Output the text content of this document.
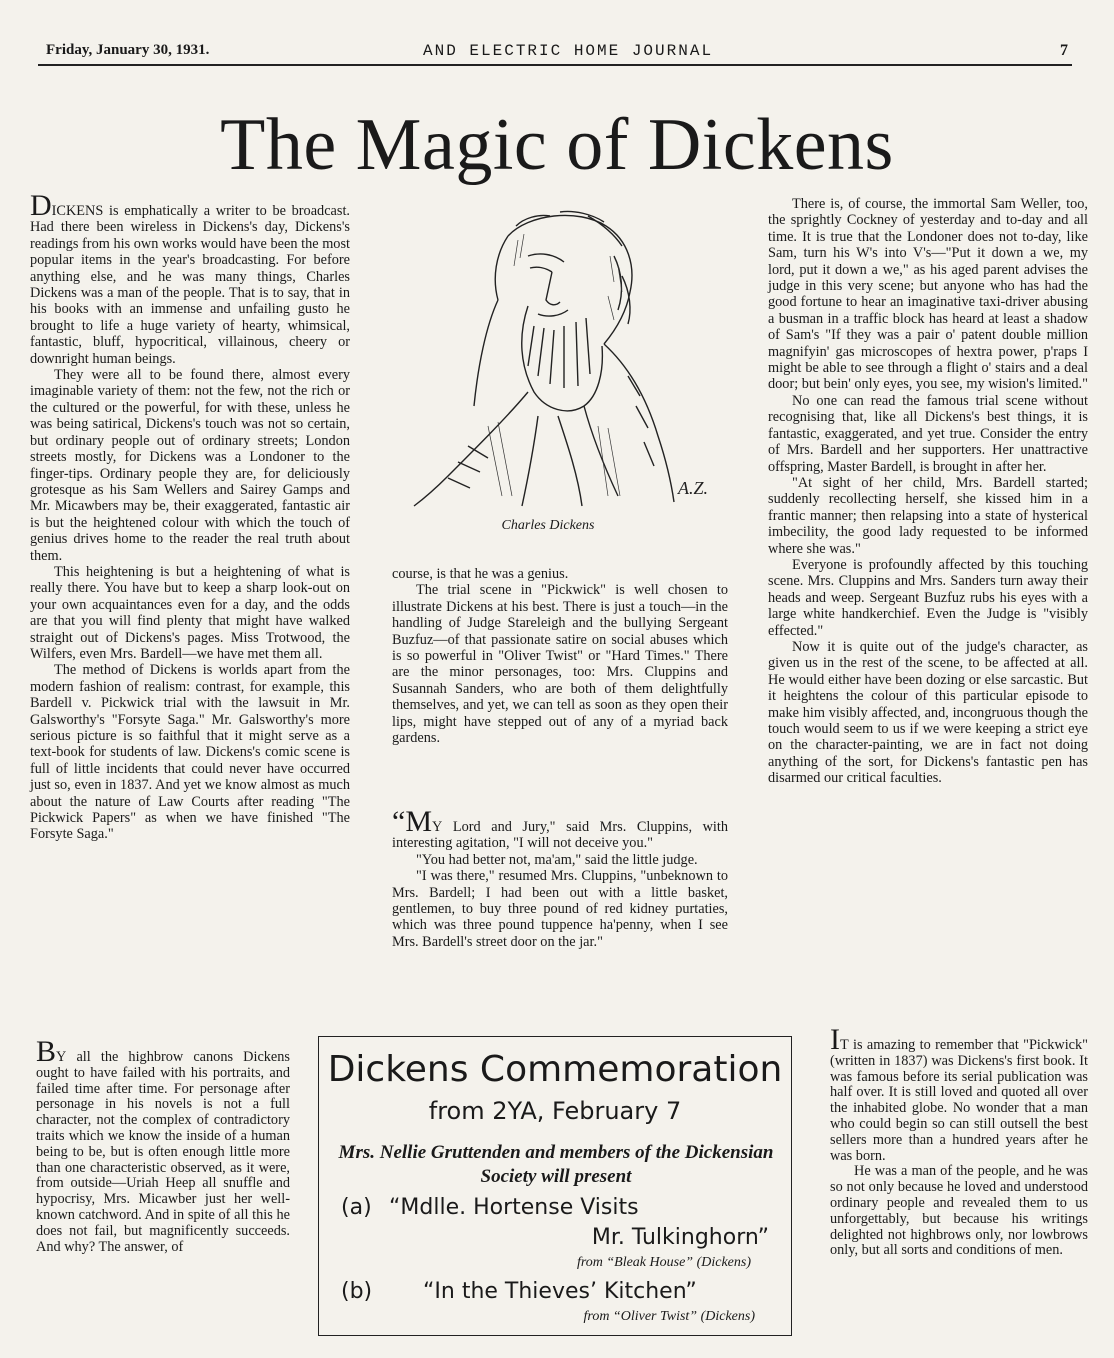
Friday, January 30, 1931.	AND ELECTRIC HOME JOURNAL	7
The Magic of Dickens

DICKENS is emphatically a writer to be broadcast. Had there been wireless in Dickens's day, Dickens's readings from his own works would have been the most popular items in the year's broadcasting. For before anything else, and he was many things, Charles Dickens was a man of the people. That is to say, that in his books with an immense and unfailing gusto he brought to life a huge variety of hearty, whimsical, fantastic, bluff, hypocritical, villainous, cheery or downright human beings.

They were all to be found there, almost every imaginable variety of them: not the few, not the rich or the cultured or the powerful, for with these, unless he was being satirical, Dickens's touch was not so certain, but ordinary people out of ordinary streets; London streets mostly, for Dickens was a Londoner to the finger-tips. Ordinary people they are, for deliciously grotesque as his Sam Wellers and Sairey Gamps and Mr. Micawbers may be, their exaggerated, fantastic air is but the heightened colour with which the touch of genius drives home to the reader the real truth about them.

This heightening is but a heightening of what is really there. You have but to keep a sharp look-out on your own acquaintances even for a day, and the odds are that you will find plenty that might have walked straight out of Dickens's pages. Miss Trotwood, the Wilfers, even Mrs. Bardell—we have met them all.

The method of Dickens is worlds apart from the modern fashion of realism: contrast, for example, this Bardell v. Pickwick trial with the lawsuit in Mr. Galsworthy's "Forsyte Saga." Mr. Galsworthy's more serious picture is so faithful that it might serve as a text-book for students of law. Dickens's comic scene is full of little incidents that could never have occurred just so, even in 1837. And yet we know almost as much about the nature of Law Courts after reading "The Pickwick Papers" as when we have finished "The Forsyte Saga."

A.Z.
Charles Dickens

course, is that he was a genius.

The trial scene in "Pickwick" is well chosen to illustrate Dickens at his best. There is just a touch—in the handling of Judge Stareleigh and the bullying Sergeant Buzfuz—of that passionate satire on social abuses which is so powerful in "Oliver Twist" or "Hard Times." There are the minor personages, too: Mrs. Cluppins and Susannah Sanders, who are both of them delightfully themselves, and yet, we can tell as soon as they open their lips, might have stepped out of any of a myriad back gardens.

“MY Lord and Jury," said Mrs. Cluppins, with interesting agitation, "I will not deceive you."

"You had better not, ma'am," said the little judge.

"I was there," resumed Mrs. Cluppins, "unbeknown to Mrs. Bardell; I had been out with a little basket, gentlemen, to buy three pound of red kidney purtaties, which was three pound tuppence ha'penny, when I see Mrs. Bardell's street door on the jar."

There is, of course, the immortal Sam Weller, too, the sprightly Cockney of yesterday and to-day and all time. It is true that the Londoner does not to-day, like Sam, turn his W's into V's—"Put it down a we, my lord, put it down a we," as his aged parent advises the judge in this very scene; but anyone who has had the good fortune to hear an imaginative taxi-driver abusing a busman in a traffic block has heard at least a shadow of Sam's "If they was a pair o' patent double million magnifyin' gas microscopes of hextra power, p'raps I might be able to see through a flight o' stairs and a deal door; but bein' only eyes, you see, my wision's limited."

No one can read the famous trial scene without recognising that, like all Dickens's best things, it is fantastic, exaggerated, and yet true. Consider the entry of Mrs. Bardell and her supporters. Her unattractive offspring, Master Bardell, is brought in after her.

"At sight of her child, Mrs. Bardell started; suddenly recollecting herself, she kissed him in a frantic manner; then relapsing into a state of hysterical imbecility, the good lady requested to be informed where she was."

Everyone is profoundly affected by this touching scene. Mrs. Cluppins and Mrs. Sanders turn away their heads and weep. Sergeant Buzfuz rubs his eyes with a large white handkerchief. Even the Judge is "visibly effected."

Now it is quite out of the judge's character, as given us in the rest of the scene, to be affected at all. He would either have been dozing or else sarcastic. But it heightens the colour of this particular episode to make him visibly affected, and, incongruous though the touch would seem to us if we were keeping a strict eye on the character-painting, we are in fact not doing anything of the sort, for Dickens's fantastic pen has disarmed our critical faculties.

BY all the highbrow canons Dickens ought to have failed with his portraits, and failed time after time. For personage after personage in his novels is not a full character, not the complex of contradictory traits which we know the inside of a human being to be, but is often enough little more than one characteristic observed, as it were, from outside—Uriah Heep all snuffle and hypocrisy, Mrs. Micawber just her well-known catchword. And in spite of all this he does not fail, but magnificently succeeds. And why? The answer, of

IT is amazing to remember that "Pickwick" (written in 1837) was Dickens's first book. It was famous before its serial publication was half over. It is still loved and quoted all over the inhabited globe. No wonder that a man who could begin so can still outsell the best sellers more than a hundred years after he was born.

He was a man of the people, and he was so not only because he loved and understood ordinary people and revealed them to us unforgettably, but because his writings delighted not highbrows only, nor lowbrows only, but all sorts and conditions of men.

Dickens Commemoration
from 2YA, February 7
Mrs. Nellie Gruttenden and members of the Dickensian Society will present
(a) “Mdlle. Hortense Visits
Mr. Tulkinghorn”
from “Bleak House” (Dickens)
(b) “In the Thieves’ Kitchen”
from “Oliver Twist” (Dickens)
